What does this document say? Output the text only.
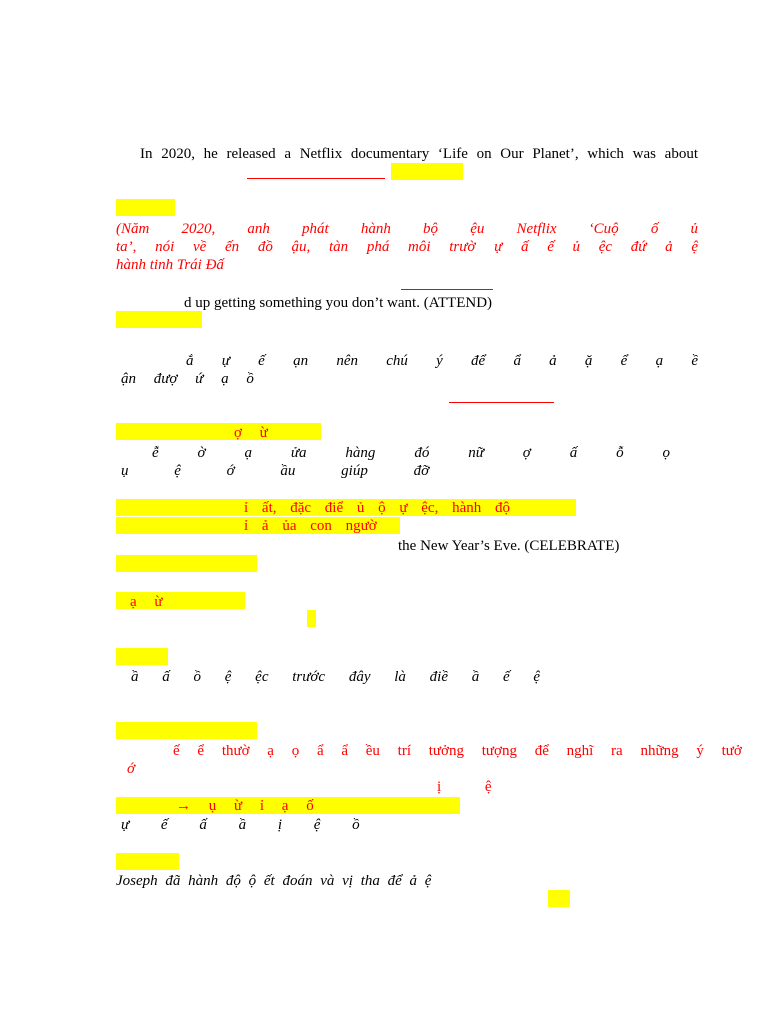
In 2020, he released a Netflix documentary ‘Life on Our Planet’, which was about
(Năm 2020, anh phát hành bộ ệu Netflix ‘Cuộ ố ủ
ta’, nói về ến đồ ậu, tàn phá môi trườ ự ấ ế ủ ệc đứ ả ệ
hành tinh Trái Đấ
d up getting something you don’t want. (ATTEND)
ắ ự ế ạn nên chú ý để ẩ ả ặ ể ạ ề
ận đượ ứ ạ ồ
ợ ừ
ễ ờ ạ ửa hàng đó nữ ợ ấ ỗ ọ
ụ ệ ớ ầu giúp đỡ
ỉ ất, đặc điể ủ ộ ự ệc, hành độ
ỉ ả ủa con ngườ
the New Year’s Eve. (CELEBRATE)
ạ ừ
ầ ấ ồ ệ ệc trước đây là điề ầ ế ệ
ế ể thườ ạ ọ ẩ ẩ ều trí tưởng tượng để nghĩ ra những ý tưở
ớ
ị ệ
→ ụ ừ ỉ ạ ố
ự ế ấ ầ ị ệ ồ
Joseph đã hành độ ộ ết đoán và vị tha để ả ệ
